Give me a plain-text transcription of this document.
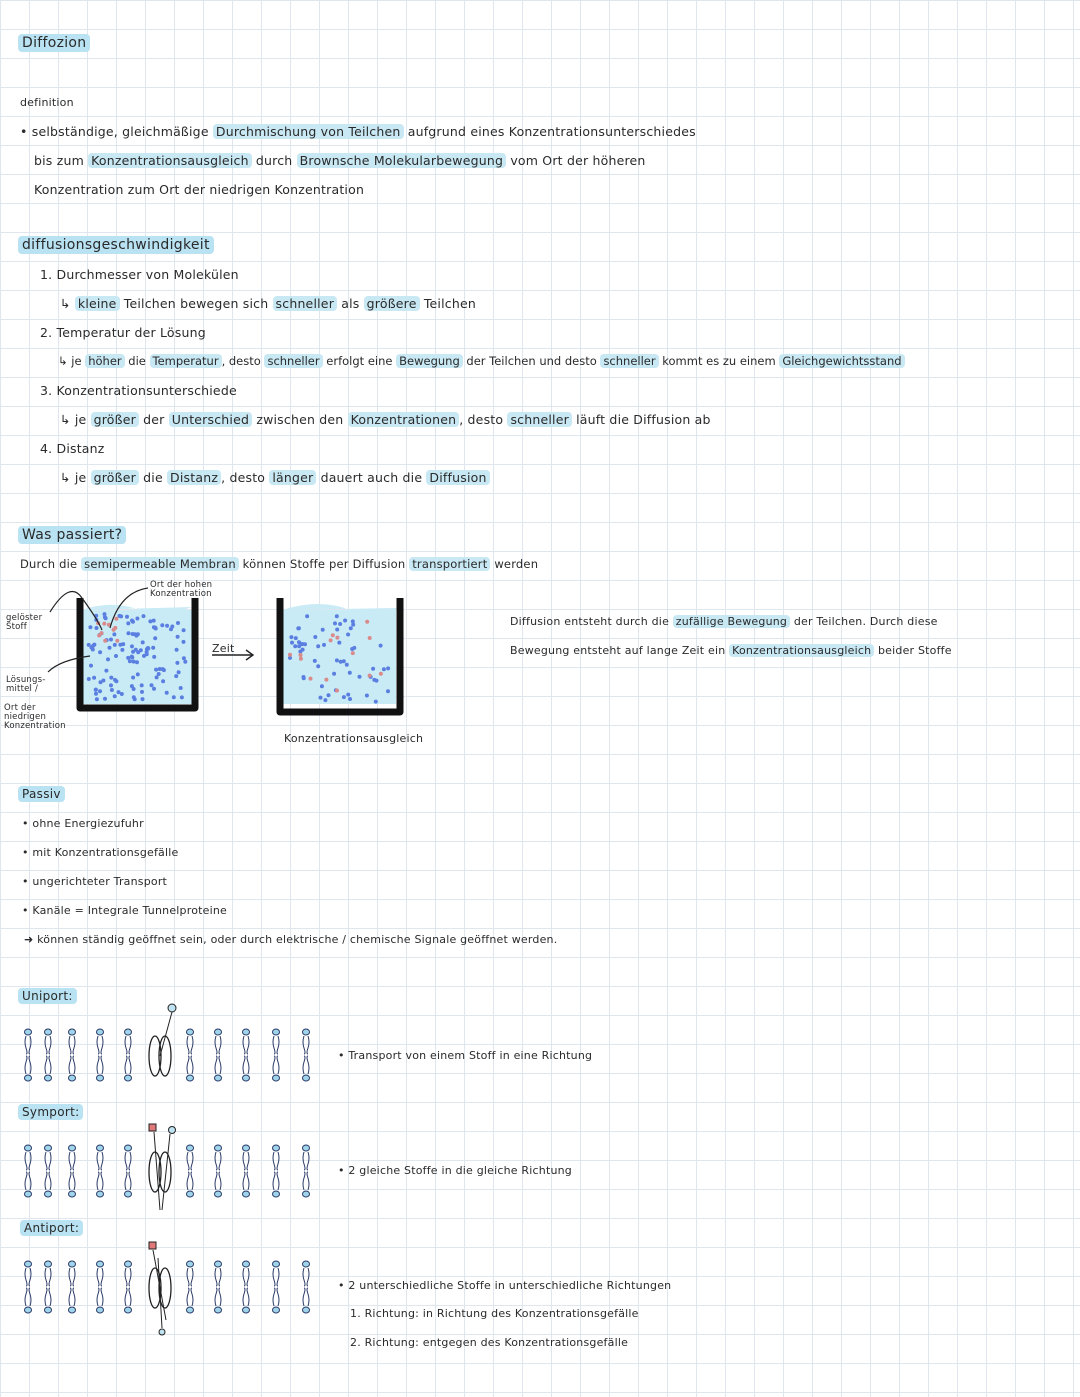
Diffozion
definition
• selbständige, gleichmäßige Durchmischung von Teilchen aufgrund eines Konzentrationsunterschiedes
bis zum Konzentrationsausgleich durch Brownsche Molekularbewegung vom Ort der höheren
Konzentration zum Ort der niedrigen Konzentration
diffusionsgeschwindigkeit
1. Durchmesser von Molekülen
↳ kleine Teilchen bewegen sich schneller als größere Teilchen
2. Temperatur der Lösung
↳ je höher die Temperatur , desto schneller erfolgt eine Bewegung der Teilchen und desto schneller kommt es zu einem Gleichgewichtsstand
3. Konzentrationsunterschiede
↳ je größer der Unterschied zwischen den Konzentrationen , desto schneller läuft die Diffusion ab
4. Distanz
↳ je größer die Distanz , desto länger dauert auch die Diffusion
Was passiert?
Durch die semipermeable Membran können Stoffe per Diffusion transportiert werden
Ort der hohen Konzentration
gelöster Stoff
Lösungs-mittel /
Ort der niedrigen Konzentration
Zeit
Konzentrationsausgleich
Diffusion entsteht durch die zufällige Bewegung der Teilchen. Durch diese
Bewegung entsteht auf lange Zeit ein Konzentrationsausgleich beider Stoffe
Passiv
• ohne Energiezufuhr
• mit Konzentrationsgefälle
• ungerichteter Transport
• Kanäle = Integrale Tunnelproteine
➜ können ständig geöffnet sein, oder durch elektrische / chemische Signale geöffnet werden.
Uniport:
• Transport von einem Stoff in eine Richtung
Symport:
• 2 gleiche Stoffe in die gleiche Richtung
Antiport:
• 2 unterschiedliche Stoffe in unterschiedliche Richtungen
1. Richtung: in Richtung des Konzentrationsgefälle
2. Richtung: entgegen des Konzentrationsgefälle
